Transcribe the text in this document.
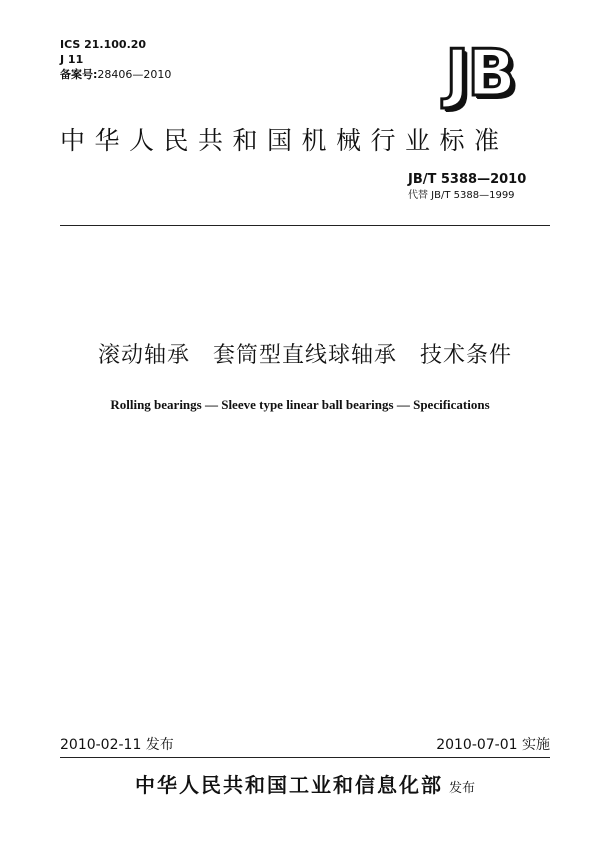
ICS 21.100.20
J 11
备案号:28406—2010	JB
中华人民共和国机械行业标准
JB/T 5388—2010
代替 JB/T 5388—1999
滚动轴承　套筒型直线球轴承　技术条件
Rolling bearings — Sleeve type linear ball bearings — Specifications
2010-02-11 发布	2010-07-01 实施
中华人民共和国工业和信息化部 发布
